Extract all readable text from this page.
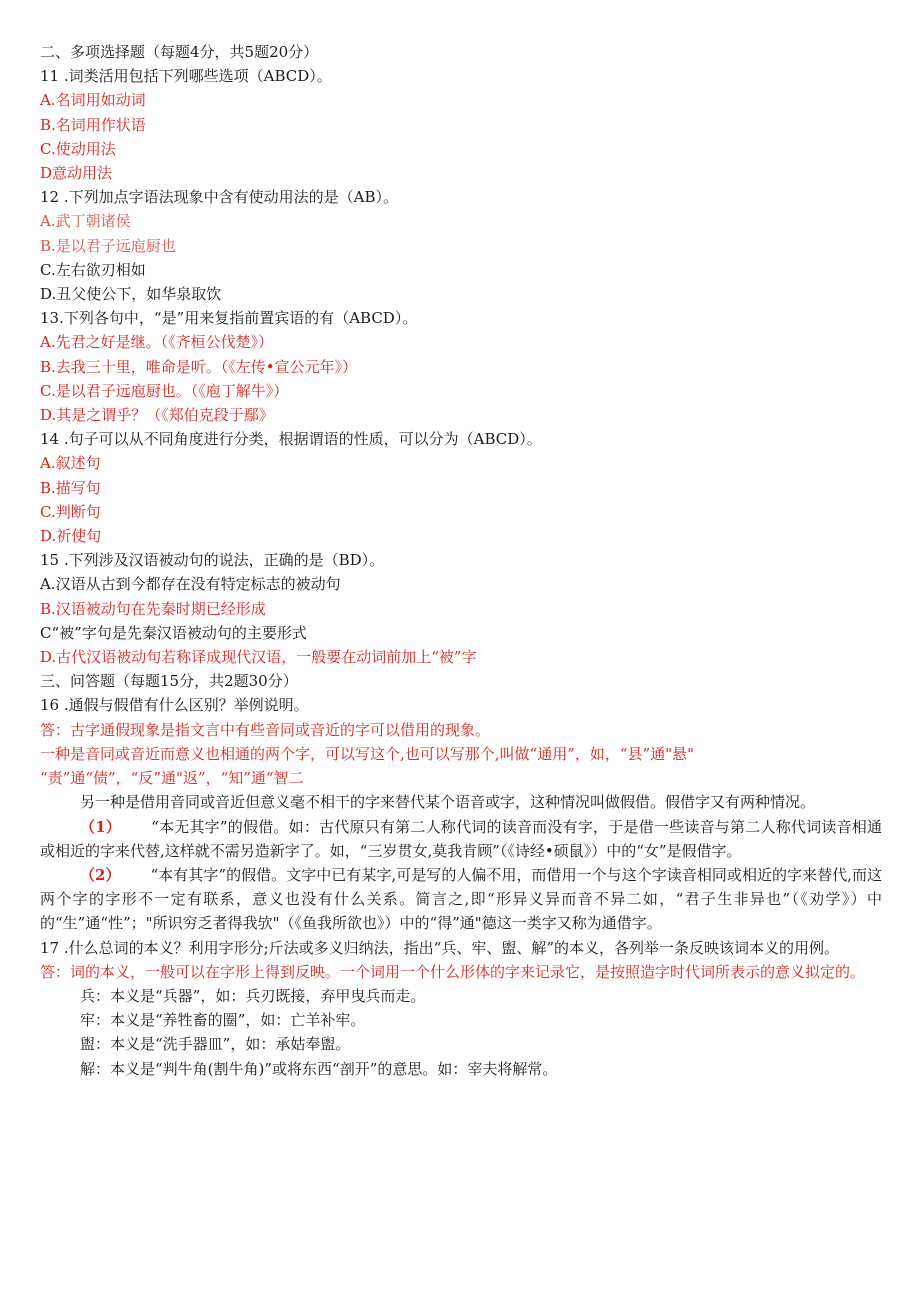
二、多项选择题（每题4分，共5题20分）
11 .词类活用包括下列哪些选项（ABCD）。
A.名词用如动词
B.名词用作状语
C.使动用法
D意动用法
12 .下列加点字语法现象中含有使动用法的是（AB）。
A.武丁朝诸侯
B.是以君子远庖厨也
C.左右欲刃相如
D.丑父使公下，如华泉取饮
13.下列各句中，“是”用来复指前置宾语的有（ABCD）。
A.先君之好是继。（《齐桓公伐楚》）
B.去我三十里，唯命是听。（《左传•宣公元年》）
C.是以君子远庖厨也。（《庖丁解牛》）
D.其是之谓乎？（《郑伯克段于鄢》
14 .句子可以从不同角度进行分类，根据谓语的性质，可以分为（ABCD）。
A.叙述句
B.描写句
C.判断句
D.祈使句
15 .下列涉及汉语被动句的说法，正确的是（BD）。
A.汉语从古到今都存在没有特定标志的被动句
B.汉语被动句在先秦时期已经形成
C“被”字句是先秦汉语被动句的主要形式
D.古代汉语被动句若称译成现代汉语，一般要在动词前加上“被”字
三、问答题（每题15分，共2题30分）
16 .通假与假借有什么区别？举例说明。
答：古字通假现象是指文言中有些音同或音近的字可以借用的现象。
一种是音同或音近而意义也相通的两个字，可以写这个,也可以写那个,叫做“通用”，如，“县”通"悬"
“责”通“债”，“反”通"返”，“知”通“智二
另一种是借用音同或音近但意义毫不相干的字来替代某个语音或字，这种情况叫做假借。假借字又有两种情况。
（1） “本无其字”的假借。如：古代原只有第二人称代词的读音而没有字，于是借一些读音与第二人称代词读音相通或相近的字来代替,这样就不需另造新字了。如，“三岁贯女,莫我肯顾”（《诗经•硕鼠》）中的“女”是假借字。
（2） “本有其字”的假借。文字中已有某字,可是写的人偏不用，而借用一个与这个字读音相同或相近的字来替代,而这两个字的字形不一定有联系，意义也没有什么关系。简言之,即“形异义异而音不异二如，“君子生非异也”（《劝学》）中的“生”通“性”；"所识穷乏者得我欤"（《鱼我所欲也》）中的“得”通"德这一类字又称为通借字。
17 .什么总词的本义？利用字形分;斤法或多义归纳法，指出“兵、牢、盥、解”的本义，各列举一条反映该词本义的用例。
答：词的本义，一般可以在字形上得到反映。一个词用一个什么形体的字来记录它，是按照造字时代词所表示的意义拟定的。
兵：本义是“兵器”，如：兵刃既接，弃甲曳兵而走。
牢：本义是“养牲畜的圈”，如：亡羊补牢。
盥：本义是“洗手器皿”，如：承姑奉盥。
解：本义是“判牛角(割牛角)”或将东西“剖开”的意思。如：宰夫将解常。
